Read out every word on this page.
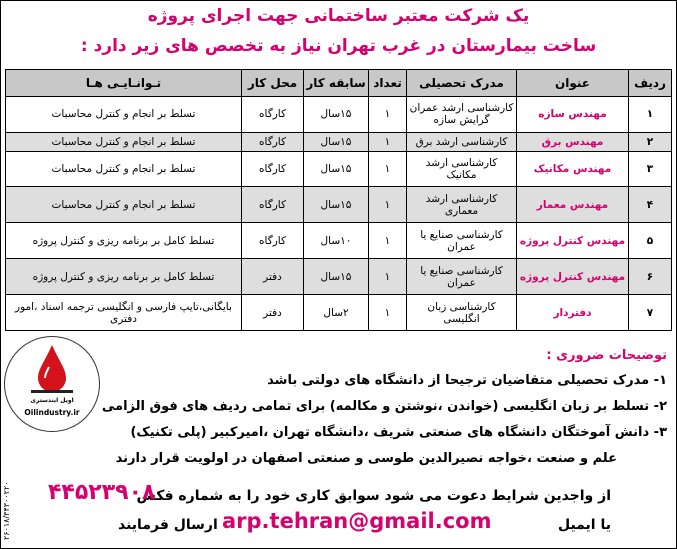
یک شرکت معتبر ساختمانی جهت اجرای پروژه
ساخت بیمارستان در غرب تهران نیاز به تخصص های زیر دارد :
ردیف	عنوان	مدرک تحصیلی	تعداد	سابقه کار	محل کار	تـوانـایـی هـا
۱	مهندس سازه	کارشناسی ارشد عمران گرایش سازه	۱	۱۵سال	کارگاه	تسلط بر انجام و کنترل محاسبات
۲	مهندس برق	کارشناسی ارشد برق	۱	۱۵سال	کارگاه	تسلط بر انجام و کنترل محاسبات
۳	مهندس مکانیک	کارشناسی ارشد مکانیک	۱	۱۵سال	کارگاه	تسلط بر انجام و کنترل محاسبات
۴	مهندس معمار	کارشناسی ارشد معماری	۱	۱۵سال	کارگاه	تسلط بر انجام و کنترل محاسبات
۵	مهندس کنترل پروژه	کارشناسی صنایع یا عمران	۱	۱۰سال	کارگاه	تسلط کامل بر برنامه ریزی و کنترل پروژه
۶	مهندس کنترل پروژه	کارشناسی صنایع یا عمران	۱	۱۵سال	دفتر	تسلط کامل بر برنامه ریزی و کنترل پروژه
۷	دفتردار	کارشناسی زبان انگلیسی	۱	۲سال	دفتر	بایگانی،تایپ فارسی و انگلیسی ترجمه اسناد ،امور دفتری
اویل ایندستری
Oilindustry.ir
توضیحات ضروری :
۱- مدرک تحصیلی متقاضیان ترجیحا از دانشگاه های دولتی باشد
۲- تسلط بر زبان انگلیسی (خواندن ،نوشتن و مکالمه) برای تمامی ردیف های فوق الزامی
۳- دانش آموختگان دانشگاه های صنعتی شریف ،دانشگاه تهران ،امیرکبیر (پلی تکنیک)
علم و صنعت ،خواجه نصیرالدین طوسی و صنعتی اصفهان در اولویت قرار دارند
از واجدین شرایط دعوت می شود سوابق کاری خود را به شماره فکس
۴۴۵۲۳۹۰۸
یا ایمیل
arp.tehran@gmail.com
ارسال فرمایند
۲۶۰۱۸/۳۴۳۰۰۲۲۰
